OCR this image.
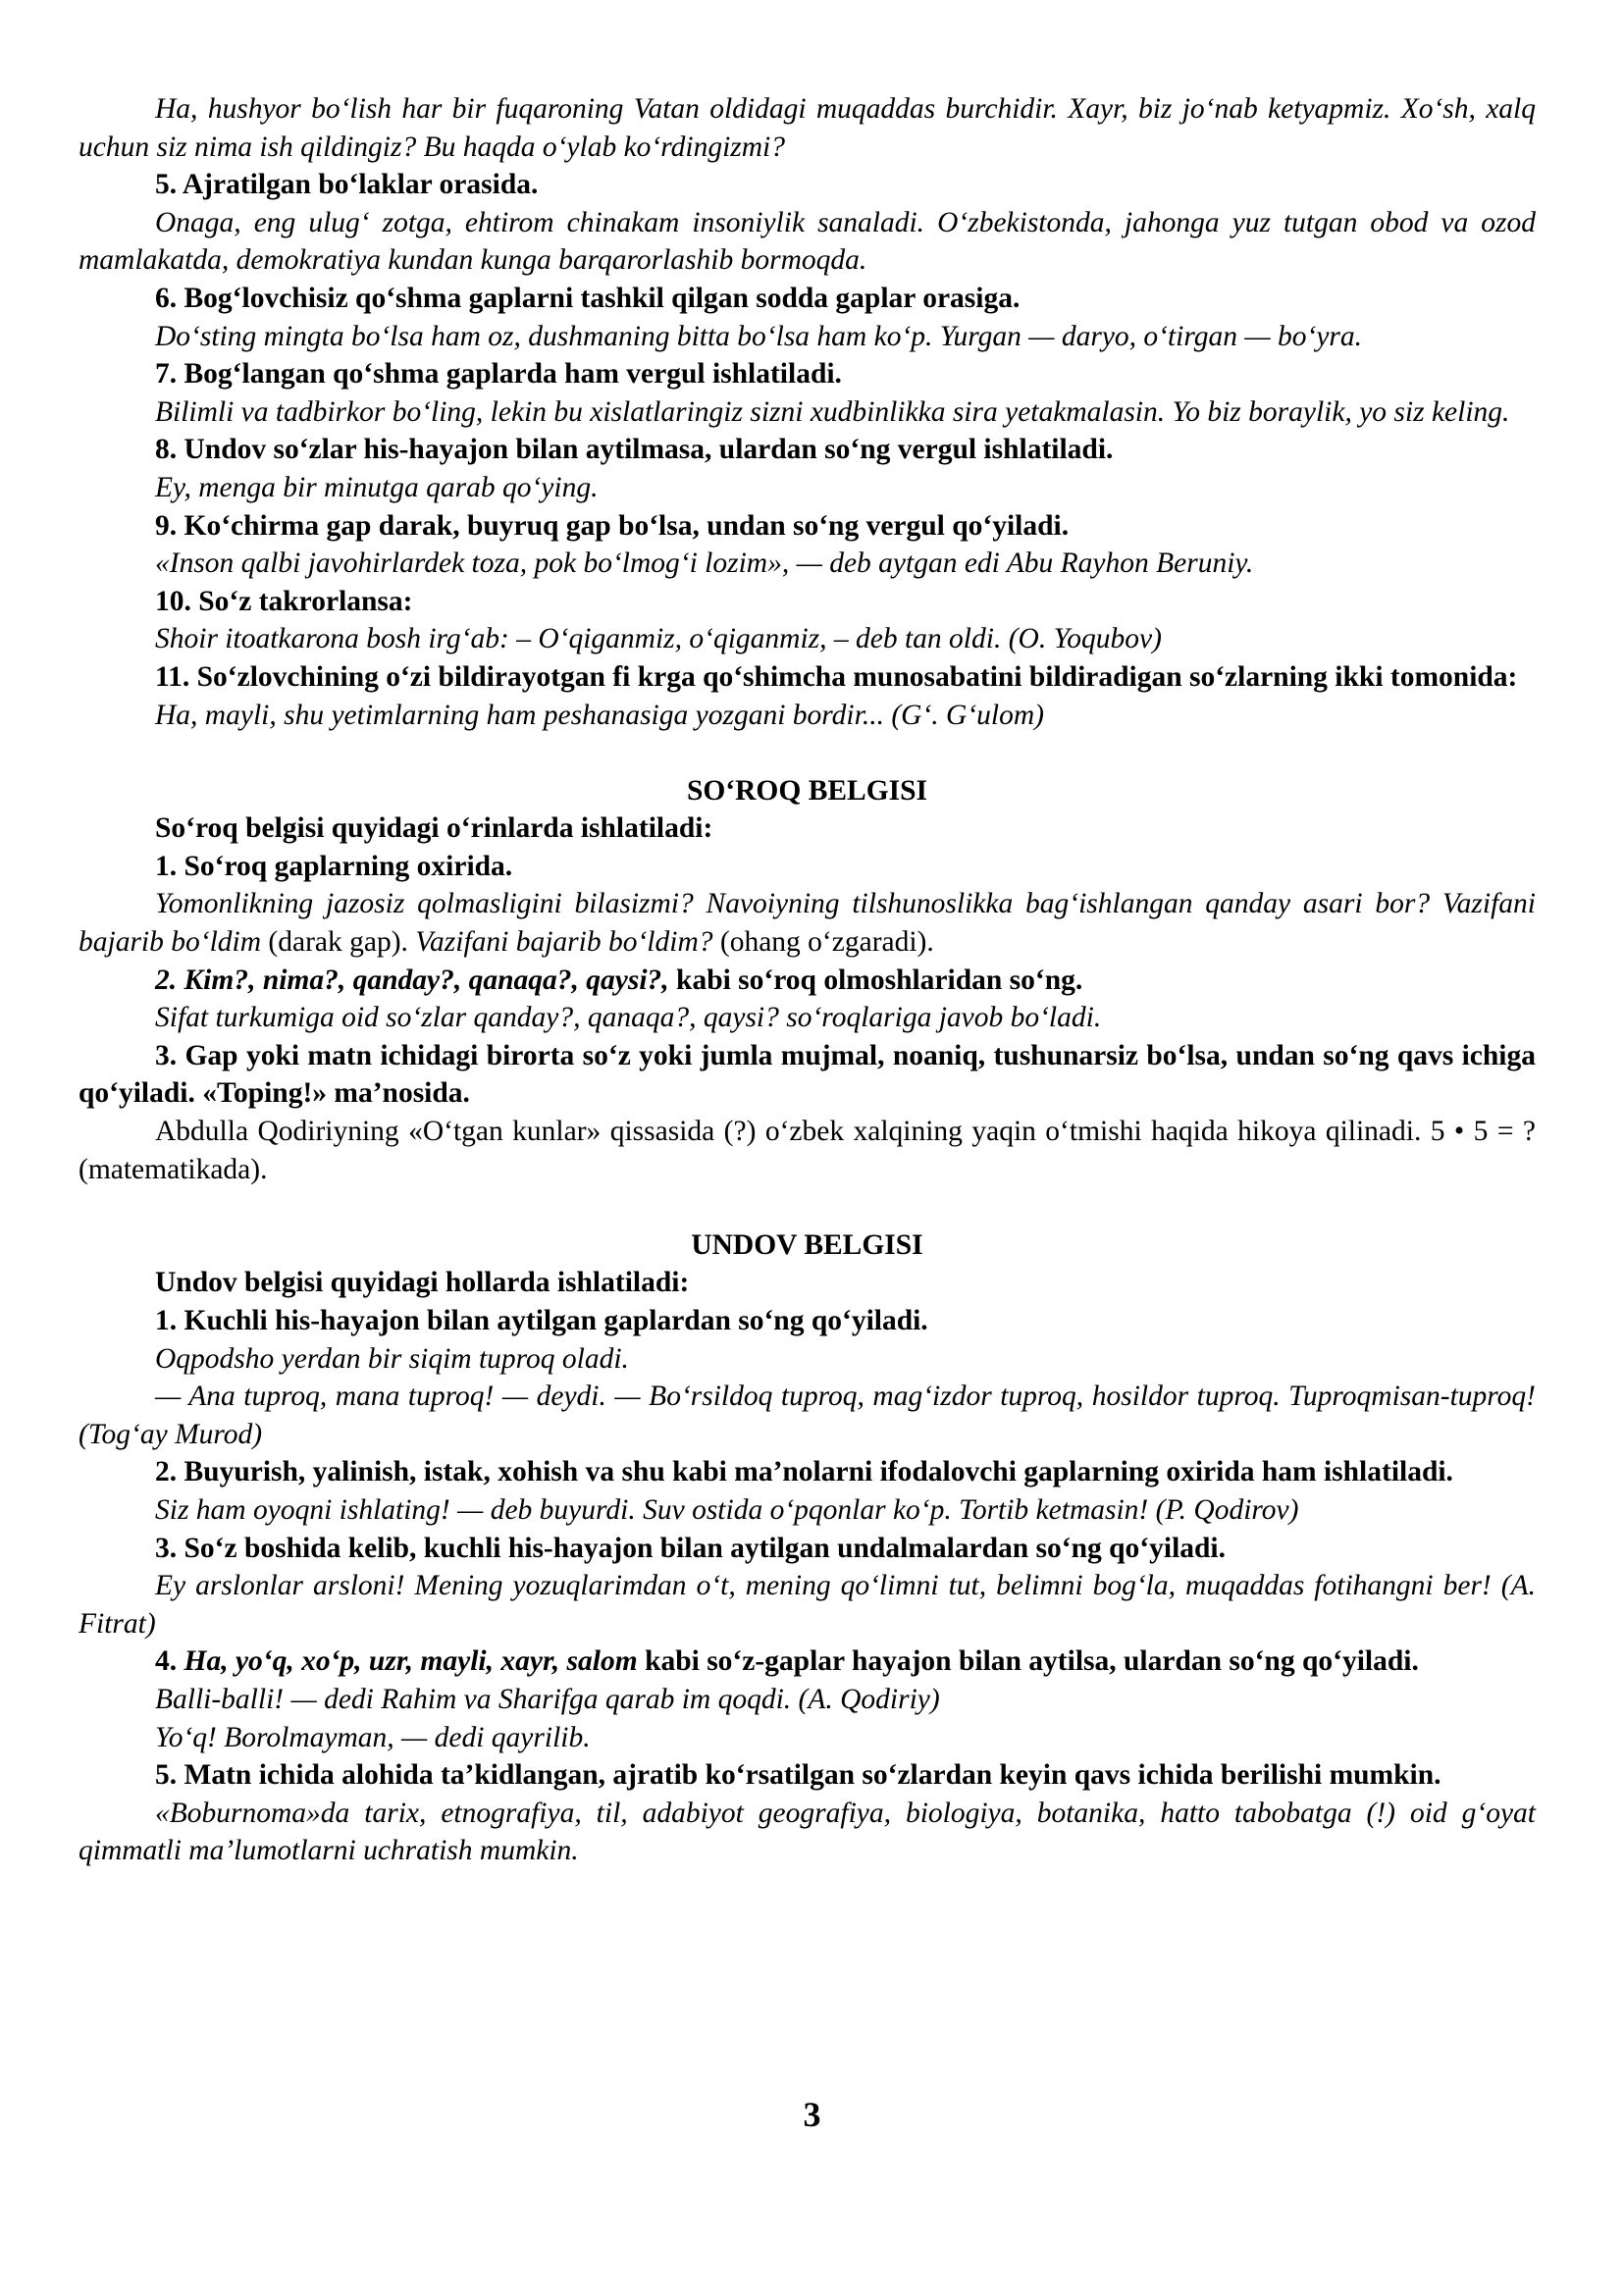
Ha, hushyor bo‘lish har bir fuqaroning Vatan oldidagi muqaddas burchidir. Xayr, biz jo‘nab ketyapmiz. Xo‘sh, xalq uchun siz nima ish qildingiz? Bu haqda o‘ylab ko‘rdingizmi?

5. Ajratilgan bo‘laklar orasida.

Onaga, eng ulug‘ zotga, ehtirom chinakam insoniylik sanaladi. O‘zbekistonda, jahonga yuz tutgan obod va ozod mamlakatda, demokratiya kundan kunga barqarorlashib bormoqda.

6. Bog‘lovchisiz qo‘shma gaplarni tashkil qilgan sodda gaplar orasiga.

Do‘sting mingta bo‘lsa ham oz, dushmaning bitta bo‘lsa ham ko‘p. Yurgan — daryo, o‘tirgan — bo‘yra.

7. Bog‘langan qo‘shma gaplarda ham vergul ishlatiladi.

Bilimli va tadbirkor bo‘ling, lekin bu xislatlaringiz sizni xudbinlikka sira yetakmalasin. Yo biz boraylik, yo siz keling.

8. Undov so‘zlar his-hayajon bilan aytilmasa, ulardan so‘ng vergul ishlatiladi.

Ey, menga bir minutga qarab qo‘ying.

9. Ko‘chirma gap darak, buyruq gap bo‘lsa, undan so‘ng vergul qo‘yiladi.

«Inson qalbi javohirlardek toza, pok bo‘lmog‘i lozim», — deb aytgan edi Abu Rayhon Beruniy.

10. So‘z takrorlansa:

Shoir itoatkarona bosh irg‘ab: – O‘qiganmiz, o‘qiganmiz, – deb tan oldi. (O. Yoqubov)

11. So‘zlovchining o‘zi bildirayotgan fi krga qo‘shimcha munosabatini bildiradigan so‘zlarning ikki tomonida:

Ha, mayli, shu yetimlarning ham peshanasiga yozgani bordir... (G‘. G‘ulom)

SO‘ROQ BELGISI

So‘roq belgisi quyidagi o‘rinlarda ishlatiladi:

1. So‘roq gaplarning oxirida.

Yomonlikning jazosiz qolmasligini bilasizmi? Navoiyning tilshunoslikka bag‘ishlangan qanday asari bor? Vazifani bajarib bo‘ldim (darak gap). Vazifani bajarib bo‘ldim? (ohang o‘zgaradi).

2. Kim?, nima?, qanday?, qanaqa?, qaysi?, kabi so‘roq olmoshlaridan so‘ng.

Sifat turkumiga oid so‘zlar qanday?, qanaqa?, qaysi? so‘roqlariga javob bo‘ladi.

3. Gap yoki matn ichidagi birorta so‘z yoki jumla mujmal, noaniq, tushunarsiz bo‘lsa, undan so‘ng qavs ichiga qo‘yiladi. «Toping!» ma’nosida.

Abdulla Qodiriyning «O‘tgan kunlar» qissasida (?) o‘zbek xalqining yaqin o‘tmishi haqida hikoya qilinadi. 5 • 5 = ? (matematikada).

UNDOV BELGISI

Undov belgisi quyidagi hollarda ishlatiladi:

1. Kuchli his-hayajon bilan aytilgan gaplardan so‘ng qo‘yiladi.

Oqpodsho yerdan bir siqim tuproq oladi.

— Ana tuproq, mana tuproq! — deydi. — Bo‘rsildoq tuproq, mag‘izdor tuproq, hosildor tuproq. Tuproqmisan-tuproq! (Tog‘ay Murod)

2. Buyurish, yalinish, istak, xohish va shu kabi ma’nolarni ifodalovchi gaplarning oxirida ham ishlatiladi.

Siz ham oyoqni ishlating! — deb buyurdi. Suv ostida o‘pqonlar ko‘p. Tortib ketmasin! (P. Qodirov)

3. So‘z boshida kelib, kuchli his-hayajon bilan aytilgan undalmalardan so‘ng qo‘yiladi.

Ey arslonlar arsloni! Mening yozuqlarimdan o‘t, mening qo‘limni tut, belimni bog‘la, muqaddas fotihangni ber! (A. Fitrat)

4. Ha, yo‘q, xo‘p, uzr, mayli, xayr, salom kabi so‘z-gaplar hayajon bilan aytilsa, ulardan so‘ng qo‘yiladi.

Balli-balli! — dedi Rahim va Sharifga qarab im qoqdi. (A. Qodiriy)

Yo‘q! Borolmayman, — dedi qayrilib.

5. Matn ichida alohida ta’kidlangan, ajratib ko‘rsatilgan so‘zlardan keyin qavs ichida berilishi mumkin.

«Boburnoma»da tarix, etnografiya, til, adabiyot geografiya, biologiya, botanika, hatto tabobatga (!) oid g‘oyat qimmatli ma’lumotlarni uchratish mumkin.

3
